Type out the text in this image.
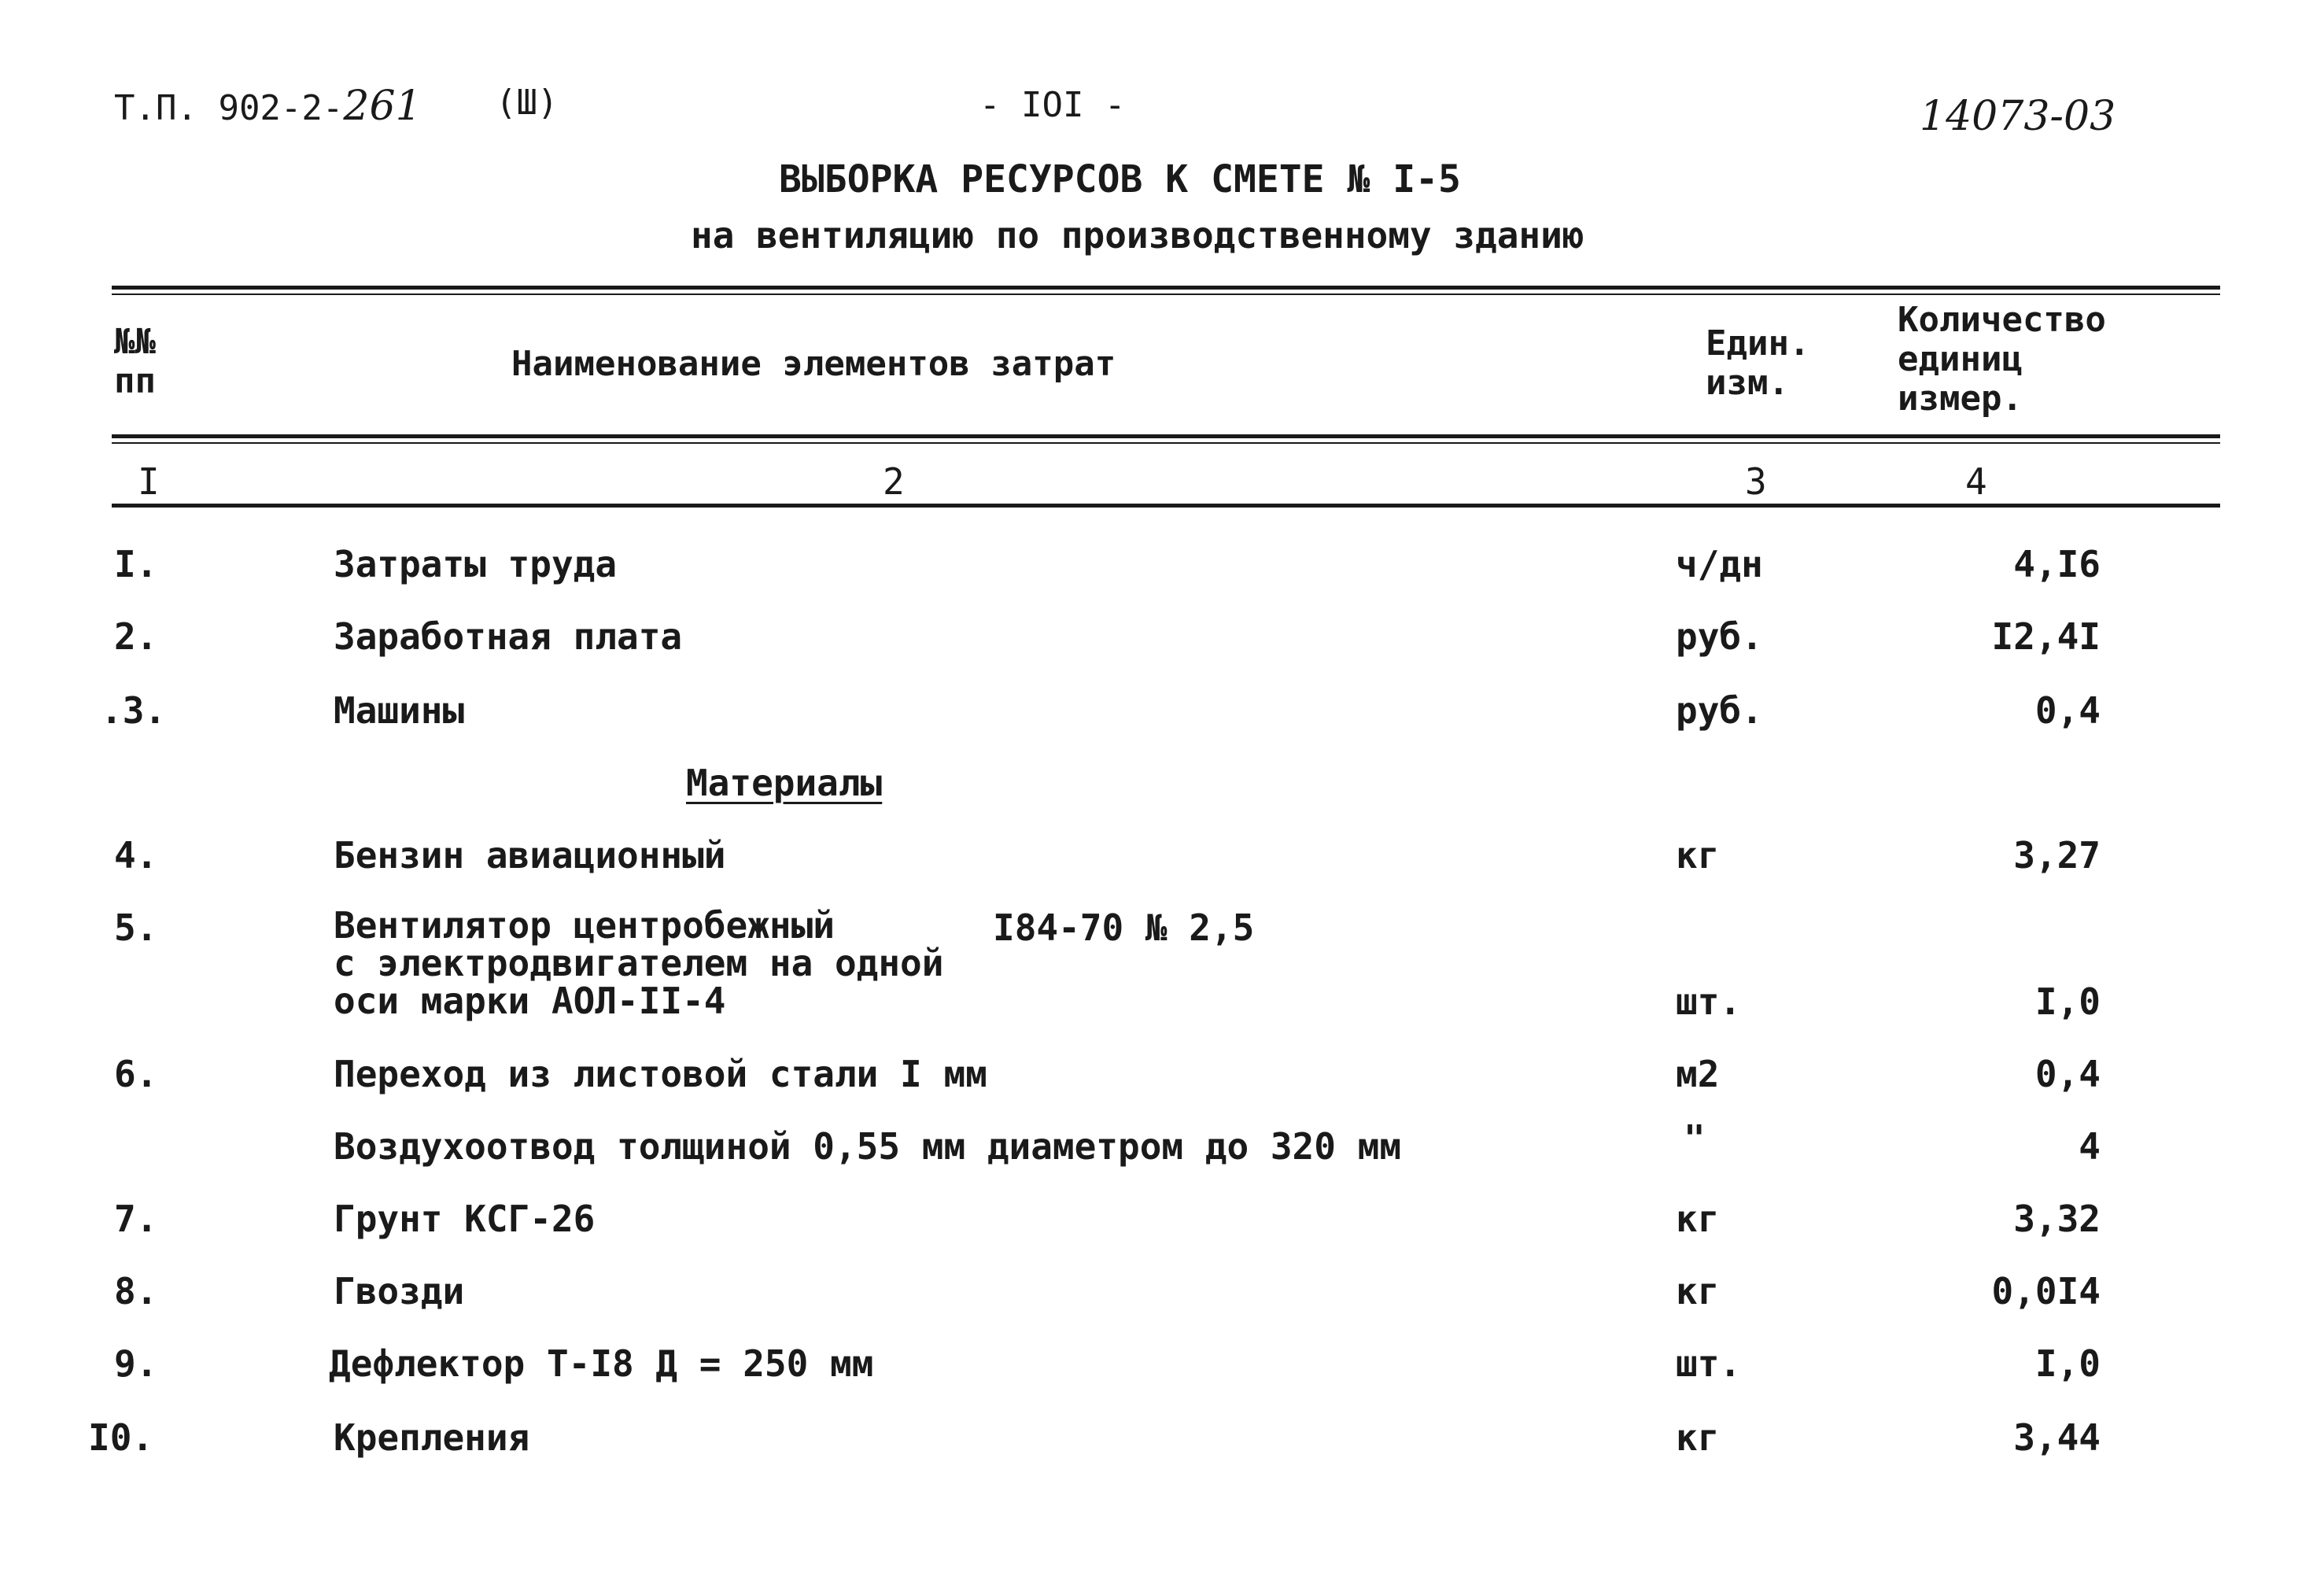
Т.П. 902-2-261 (Ш)	- IOI -	14073-03
ВЫБОРКА РЕСУРСОВ К СМЕТЕ № I-5
на вентиляцию по производственному зданию
№№
пп	Наименование элементов затрат
Един.
изм.
Количество
единиц
измер.
I	2	3	4
I.	Затраты труда	ч/дн	4,I6
2.	Заработная плата	руб.	I2,4I
.3.	Машины	руб.	0,4
Материалы
4.	Бензин авиационный	кг	3,27
5.	Вентилятор центробежный
с электродвигателем на одной
оси марки АОЛ-II-4
I84-70 № 2,5
шт.	I,0
6.	Переход из листовой стали I мм	м2	0,4
Воздухоотвод толщиной 0,55 мм диаметром до 320 мм	"	4
7.	Грунт КСГ-26	кг	3,32
8.	Гвозди	кг	0,0I4
9.	Дефлектор Т-I8 Д = 250 мм	шт.	I,0
I0.	Крепления	кг	3,44
